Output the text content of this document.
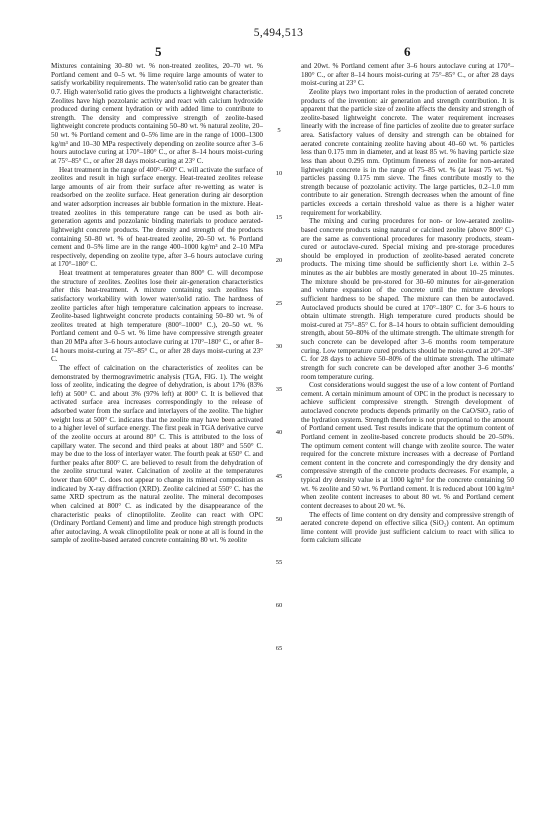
5,494,513
5	6

Mixtures containing 30–80 wt. % non-treated zeolites, 20–70 wt. % Portland cement and 0–5 wt. % lime require large amounts of water to satisfy workability requirements. The water/solid ratio can be greater than 0.7. High water/solid ratio gives the products a lightweight characteristic. Zeolites have high pozzolanic activity and react with calcium hydroxide produced during cement hydration or with added lime to contribute to strength. The density and compressive strength of zeolite-based lightweight concrete products containing 50–80 wt. % natural zeolite, 20–50 wt. % Portland cement and 0–5% lime are in the range of 1000–1300 kg/m³ and 10–30 MPa respectively depending on zeolite source after 3–6 hours autoclave curing at 170°–180° C., or after 8–14 hours moist-curing at 75°–85° C., or after 28 days moist-curing at 23° C.

Heat treatment in the range of 400°–600° C. will activate the surface of zeolites and result in high surface energy. Heat-treated zeolites release large amounts of air from their surface after re-wetting as water is readsorbed on the zeolite surface. Heat generation during air desorption and water adsorption increases air bubble formation in the mixture. Heat-treated zeolites in this temperature range can be used as both air-generation agents and pozzolanic binding materials to produce aerated-lightweight concrete products. The density and strength of the products containing 50–80 wt. % of heat-treated zeolite, 20–50 wt. % Portland cement and 0–5% lime are in the range 400–1000 kg/m³ and 2–10 MPa respectively, depending on zeolite type, after 3–6 hours autoclave curing at 170°–180° C.

Heat treatment at temperatures greater than 800° C. will decompose the structure of zeolites. Zeolites lose their air-generation characteristics after this heat-treatment. A mixture containing such zeolites has satisfactory workability with lower water/solid ratio. The hardness of zeolite particles after high temperature calcination appears to increase. Zeolite-based lightweight concrete products containing 50–80 wt. % of zeolites treated at high temperature (800°–1000° C.), 20–50 wt. % Portland cement and 0–5 wt. % lime have compressive strength greater than 20 MPa after 3–6 hours autoclave curing at 170°–180° C., or after 8–14 hours moist-curing at 75°–85° C., or after 28 days moist-curing at 23° C.

The effect of calcination on the characteristics of zeolites can be demonstrated by thermogravimetric analysis (TGA, FIG. 1). The weight loss of zeolite, indicating the degree of dehydration, is about 17% (83% left) at 500° C. and about 3% (97% left) at 800° C. It is believed that activated surface area increases correspondingly to the release of adsorbed water from the surface and interlayers of the zeolite. The higher weight loss at 500° C. indicates that the zeolite may have been activated to a higher level of surface energy. The first peak in TGA derivative curve of the zeolite occurs at around 80° C. This is attributed to the loss of capillary water. The second and third peaks at about 180° and 550° C. may be due to the loss of interlayer water. The fourth peak at 650° C. and further peaks after 800° C. are believed to result from the dehydration of the zeolite structural water. Calcination of zeolite at the temperatures lower than 600° C. does not appear to change its mineral composition as indicated by X-ray diffraction (XRD). Zeolite calcined at 550° C. has the same XRD spectrum as the natural zeolite. The mineral decomposes when calcined at 800° C. as indicated by the disappearance of the characteristic peaks of clinoptilolite. Zeolite can react with OPC (Ordinary Portland Cement) and lime and produce high strength products after autoclaving. A weak clinoptilolite peak or none at all is found in the sample of zeolite-based aerated concrete containing 80 wt. % zeolite

and 20wt. % Portland cement after 3–6 hours autoclave curing at 170°–180° C., or after 8–14 hours moist-curing at 75°–85° C., or after 28 days moist-curing at 23° C.

Zeolite plays two important roles in the production of aerated concrete products of the invention: air generation and strength contribution. It is apparent that the particle size of zeolite affects the density and strength of zeolite-based lightweight concrete. The water requirement increases linearly with the increase of fine particles of zeolite due to greater surface area. Satisfactory values of density and strength can be obtained for aerated concrete containing zeolite having about 40–60 wt. % particles less than 0.175 mm in diameter, and at least 85 wt. % having particle size less than about 0.295 mm. Optimum fineness of zeolite for non-aerated lightweight concrete is in the range of 75–85 wt. % (at least 75 wt. %) particles passing 0.175 mm sieve. The fines contribute mostly to the strength because of pozzolanic activity. The large particles, 0.2–1.0 mm contribute to air generation. Strength decreases when the amount of fine particles exceeds a certain threshold value as there is a higher water requirement for workability.

The mixing and curing procedures for non- or low-aerated zeolite-based concrete products using natural or calcined zeolite (above 800° C.) are the same as conventional procedures for masonry products, steam-cured or autoclave-cured. Special mixing and pre-storage procedures should be employed in production of zeolite-based aerated concrete products. The mixing time should be sufficiently short i.e. within 2–5 minutes as the air bubbles are mostly generated in about 10–25 minutes. The mixture should be pre-stored for 30–60 minutes for air-generation and volume expansion of the concrete until the mixture develops sufficient hardness to be shaped. The mixture can then be autoclaved. Autoclaved products should be cured at 170°–180° C. for 3–6 hours to obtain ultimate strength. High temperature cured products should be moist-cured at 75°–85° C. for 8–14 hours to obtain sufficient demoulding strength, about 50–80% of the ultimate strength. The ultimate strength for such concrete can be developed after 3–6 months room temperature curing. Low temperature cured products should be moist-cured at 20°–38° C. for 28 days to achieve 50–80% of the ultimate strength. The ultimate strength for such concrete can be developed after another 3–6 months' room temperature curing.

Cost considerations would suggest the use of a low content of Portland cement. A certain minimum amount of OPC in the product is necessary to achieve sufficient compressive strength. Strength development of autoclaved concrete products depends primarily on the CaO/SiO₂ ratio of the hydration system. Strength therefore is not proportional to the amount of Portland cement used. Test results indicate that the optimum content of Portland cement in zeolite-based concrete products should be 20–50%. The optimum cement content will change with zeolite source. The water required for the concrete mixture increases with a decrease of Portland cement content in the concrete and correspondingly the dry density and compressive strength of the concrete products decreases. For example, a typical dry density value is at 1000 kg/m³ for the concrete containing 50 wt. % zeolite and 50 wt. % Portland cement. It is reduced about 100 kg/m³ when zeolite content increases to about 80 wt. % and Portland cement content decreases to about 20 wt. %.

The effects of lime content on dry density and compressive strength of aerated concrete depend on effective silica (SiO₂) content. An optimum lime content will provide just sufficient calcium to react with silica to form calcium silicate

5
10
15
20
25
30
35
40
45
50
55
60
65
